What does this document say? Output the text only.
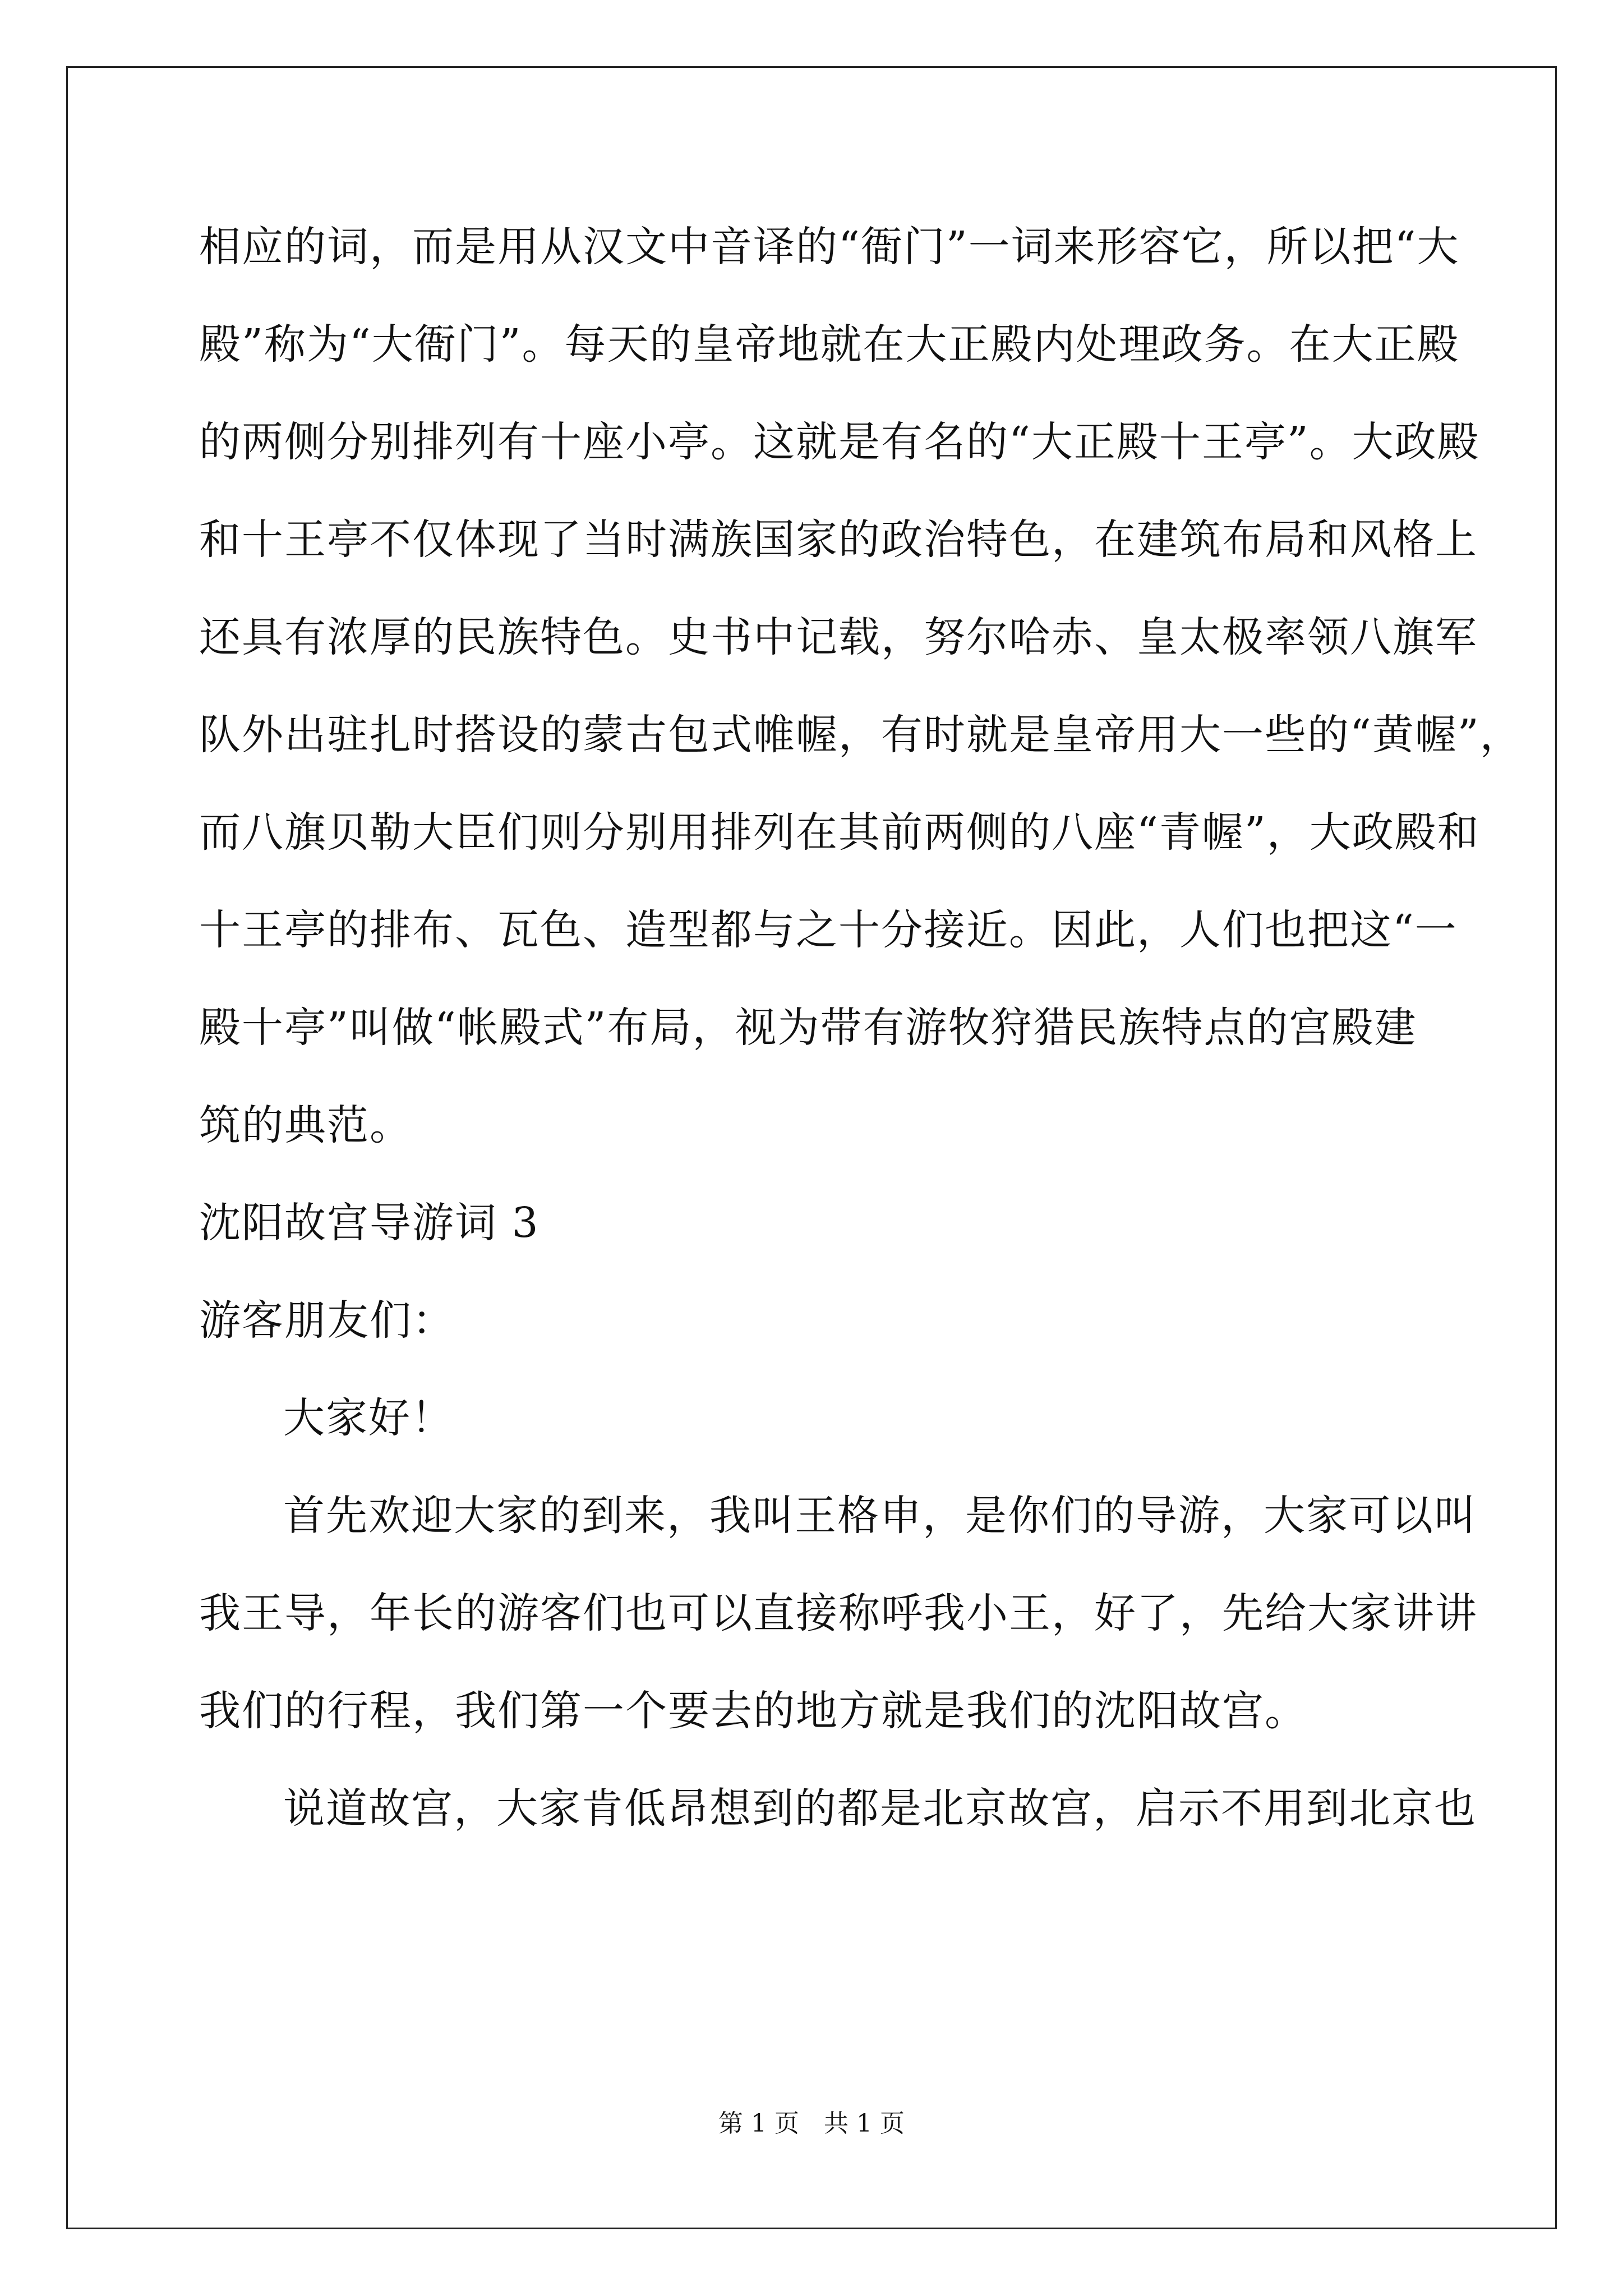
相应的词，而是用从汉文中音译的“衙门”一词来形容它，所以把“大
殿”称为“大衙门”。每天的皇帝地就在大正殿内处理政务。在大正殿
的两侧分别排列有十座小亭。这就是有名的“大正殿十王亭”。大政殿
和十王亭不仅体现了当时满族国家的政治特色，在建筑布局和风格上
还具有浓厚的民族特色。史书中记载，努尔哈赤、皇太极率领八旗军
队外出驻扎时搭设的蒙古包式帷幄，有时就是皇帝用大一些的“黄幄”，
而八旗贝勒大臣们则分别用排列在其前两侧的八座“青幄”，大政殿和
十王亭的排布、瓦色、造型都与之十分接近。因此，人们也把这“一
殿十亭”叫做“帐殿式”布局，视为带有游牧狩猎民族特点的宫殿建
筑的典范。
沈阳故宫导游词 3
游客朋友们：
大家好！
首先欢迎大家的到来，我叫王格申，是你们的导游，大家可以叫
我王导，年长的游客们也可以直接称呼我小王，好了，先给大家讲讲
我们的行程，我们第一个要去的地方就是我们的沈阳故宫。
说道故宫，大家肯低昂想到的都是北京故宫，启示不用到北京也
第 1 页　共 1 页
